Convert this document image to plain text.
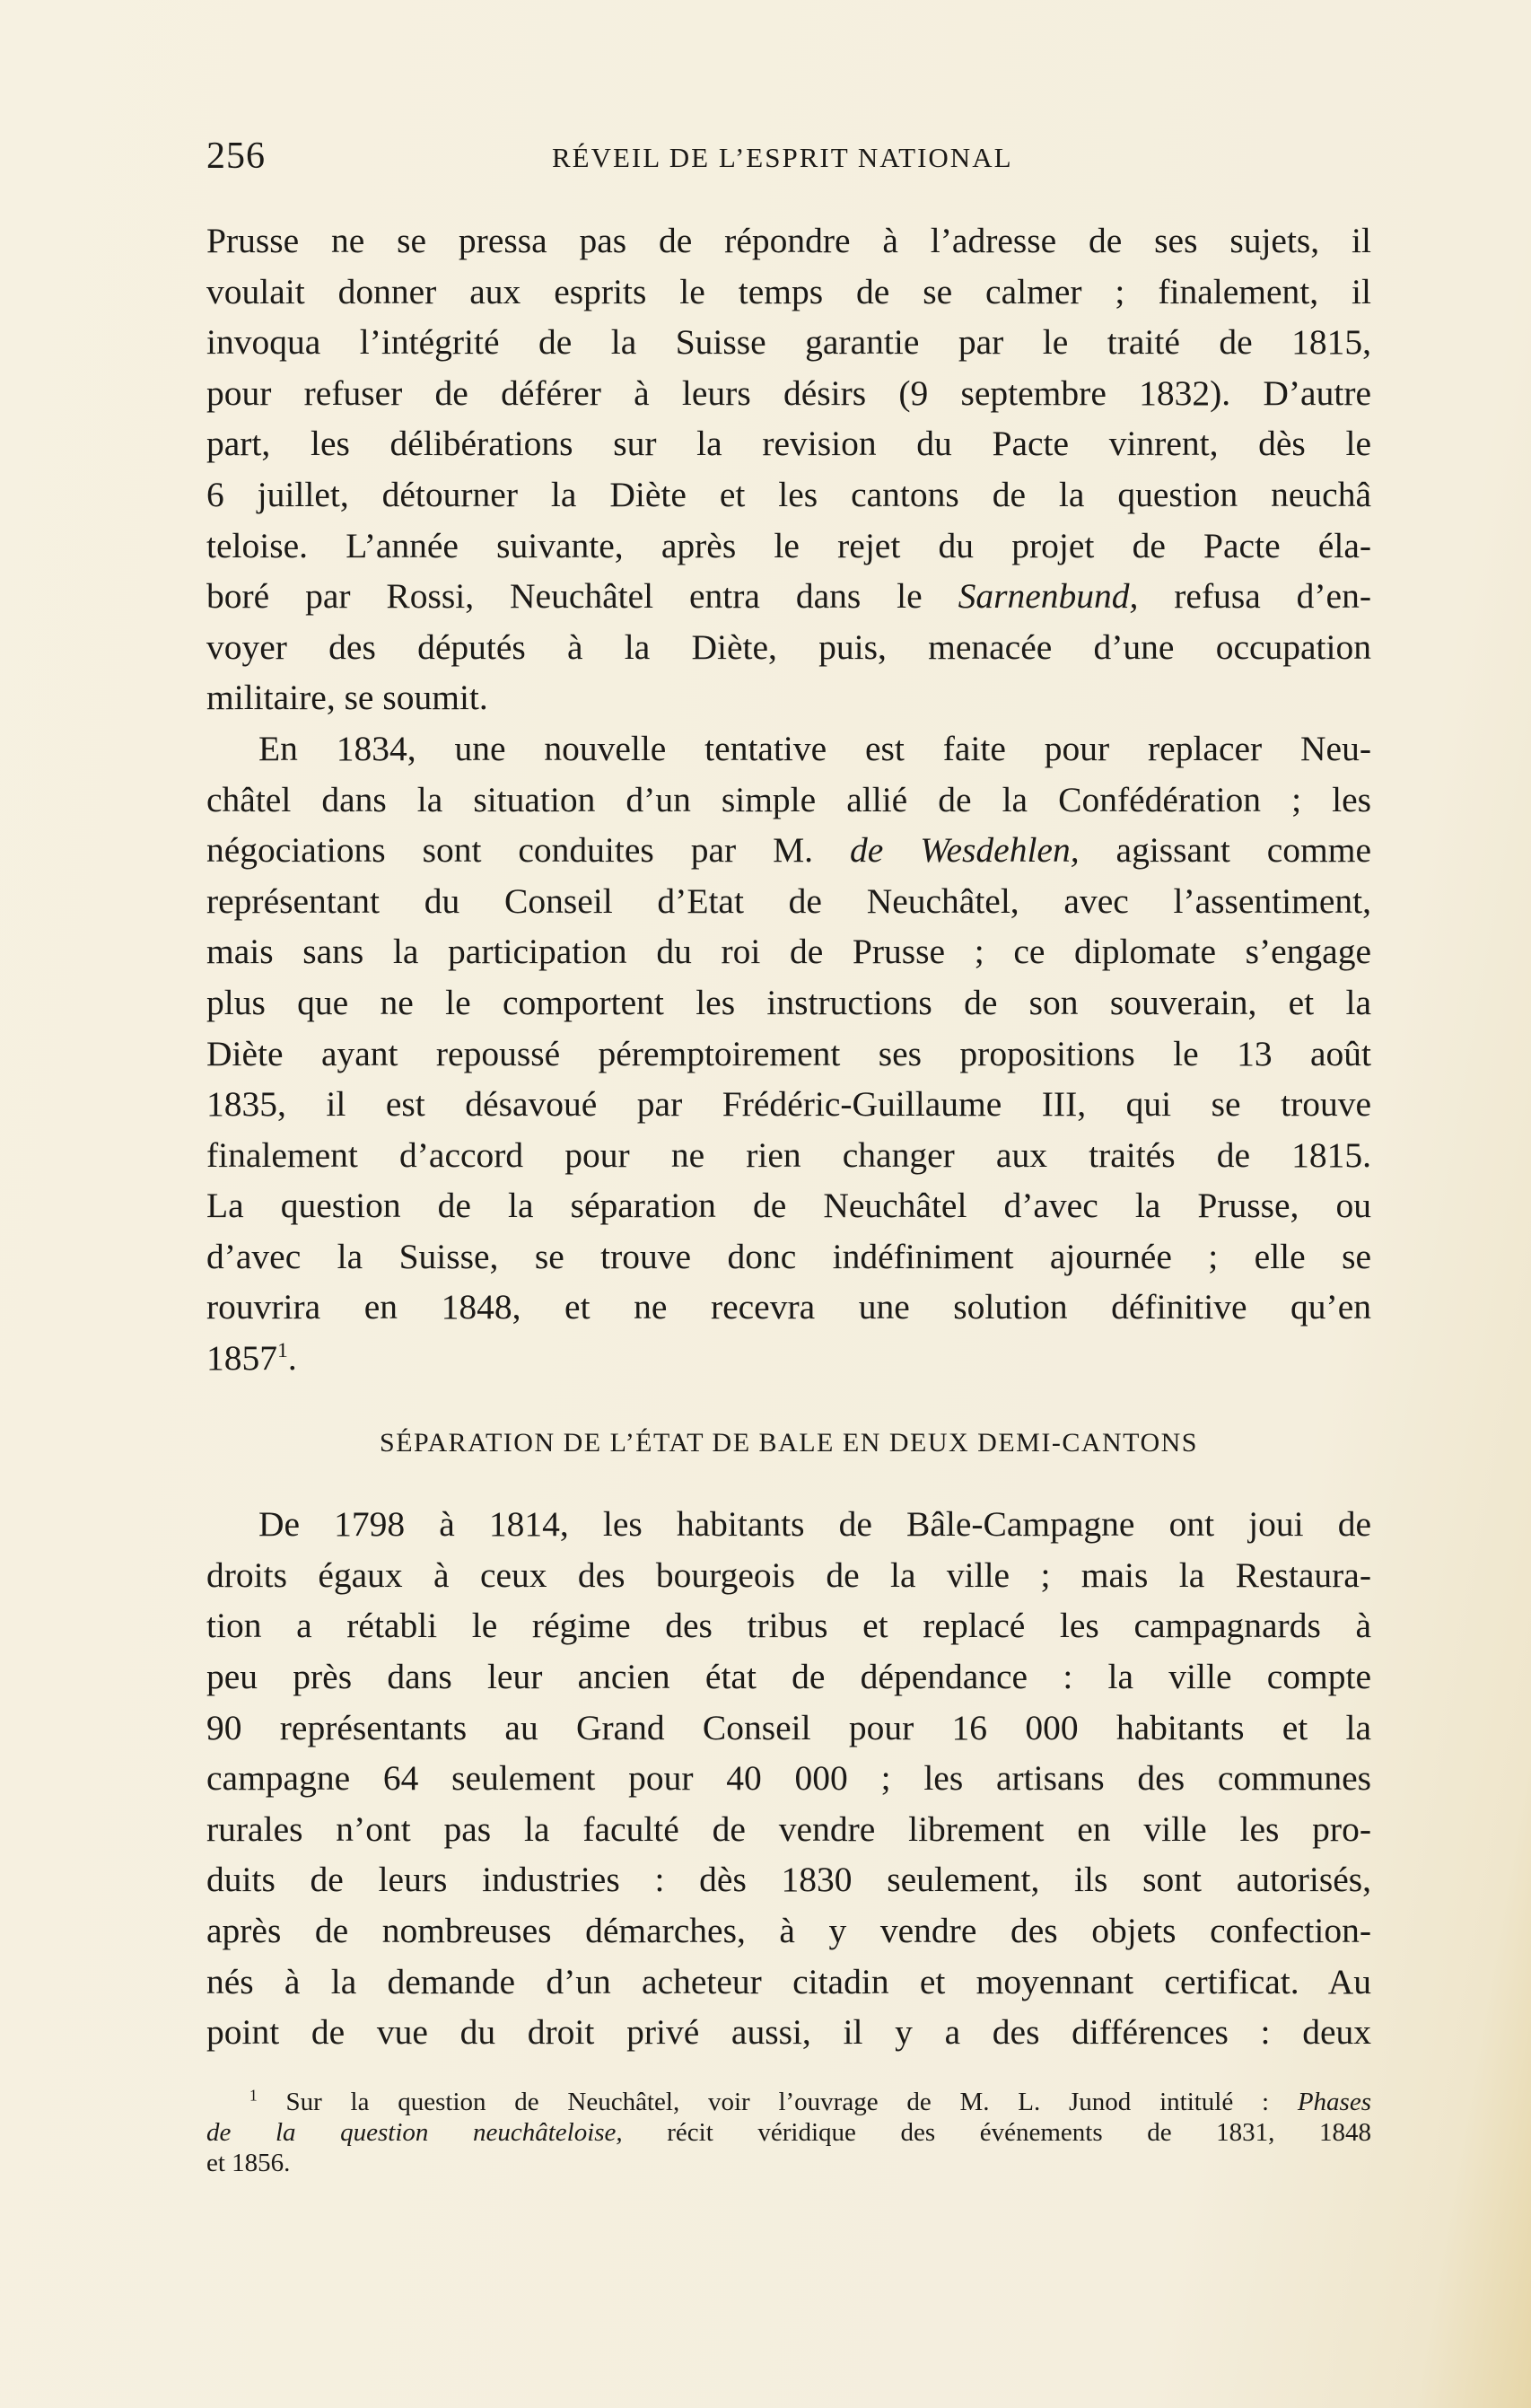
256	RÉVEIL DE L’ESPRIT NATIONAL
Prusse ne se pressa pas de répondre à l’adresse de ses sujets, il
voulait donner aux esprits le temps de se calmer ; finalement, il
invoqua l’intégrité de la Suisse garantie par le traité de 1815,
pour refuser de déférer à leurs désirs (9 septembre 1832). D’autre
part, les délibérations sur la revision du Pacte vinrent, dès le
6 juillet, détourner la Diète et les cantons de la question neuchâ
teloise. L’année suivante, après le rejet du projet de Pacte éla-
boré par Rossi, Neuchâtel entra dans le Sarnenbund, refusa d’en-
voyer des députés à la Diète, puis, menacée d’une occupation
militaire, se soumit.
En 1834, une nouvelle tentative est faite pour replacer Neu-
châtel dans la situation d’un simple allié de la Confédération ; les
négociations sont conduites par M. de Wesdehlen, agissant comme
représentant du Conseil d’Etat de Neuchâtel, avec l’assentiment,
mais sans la participation du roi de Prusse ; ce diplomate s’engage
plus que ne le comportent les instructions de son souverain, et la
Diète ayant repoussé péremptoirement ses propositions le 13 août
1835, il est désavoué par Frédéric-Guillaume III, qui se trouve
finalement d’accord pour ne rien changer aux traités de 1815.
La question de la séparation de Neuchâtel d’avec la Prusse, ou
d’avec la Suisse, se trouve donc indéfiniment ajournée ; elle se
rouvrira en 1848, et ne recevra une solution définitive qu’en
1857$^1$.
SÉPARATION DE L’ÉTAT DE BALE EN DEUX DEMI-CANTONS
De 1798 à 1814, les habitants de Bâle-Campagne ont joui de
droits égaux à ceux des bourgeois de la ville ; mais la Restaura-
tion a rétabli le régime des tribus et replacé les campagnards à
peu près dans leur ancien état de dépendance : la ville compte
90 représentants au Grand Conseil pour 16 000 habitants et la
campagne 64 seulement pour 40 000 ; les artisans des communes
rurales n’ont pas la faculté de vendre librement en ville les pro-
duits de leurs industries : dès 1830 seulement, ils sont autorisés,
après de nombreuses démarches, à y vendre des objets confection-
nés à la demande d’un acheteur citadin et moyennant certificat. Au
point de vue du droit privé aussi, il y a des différences : deux
$^1$ Sur la question de Neuchâtel, voir l’ouvrage de M. L. Junod intitulé : Phases
de la question neuchâteloise, récit véridique des événements de 1831, 1848
et 1856.
